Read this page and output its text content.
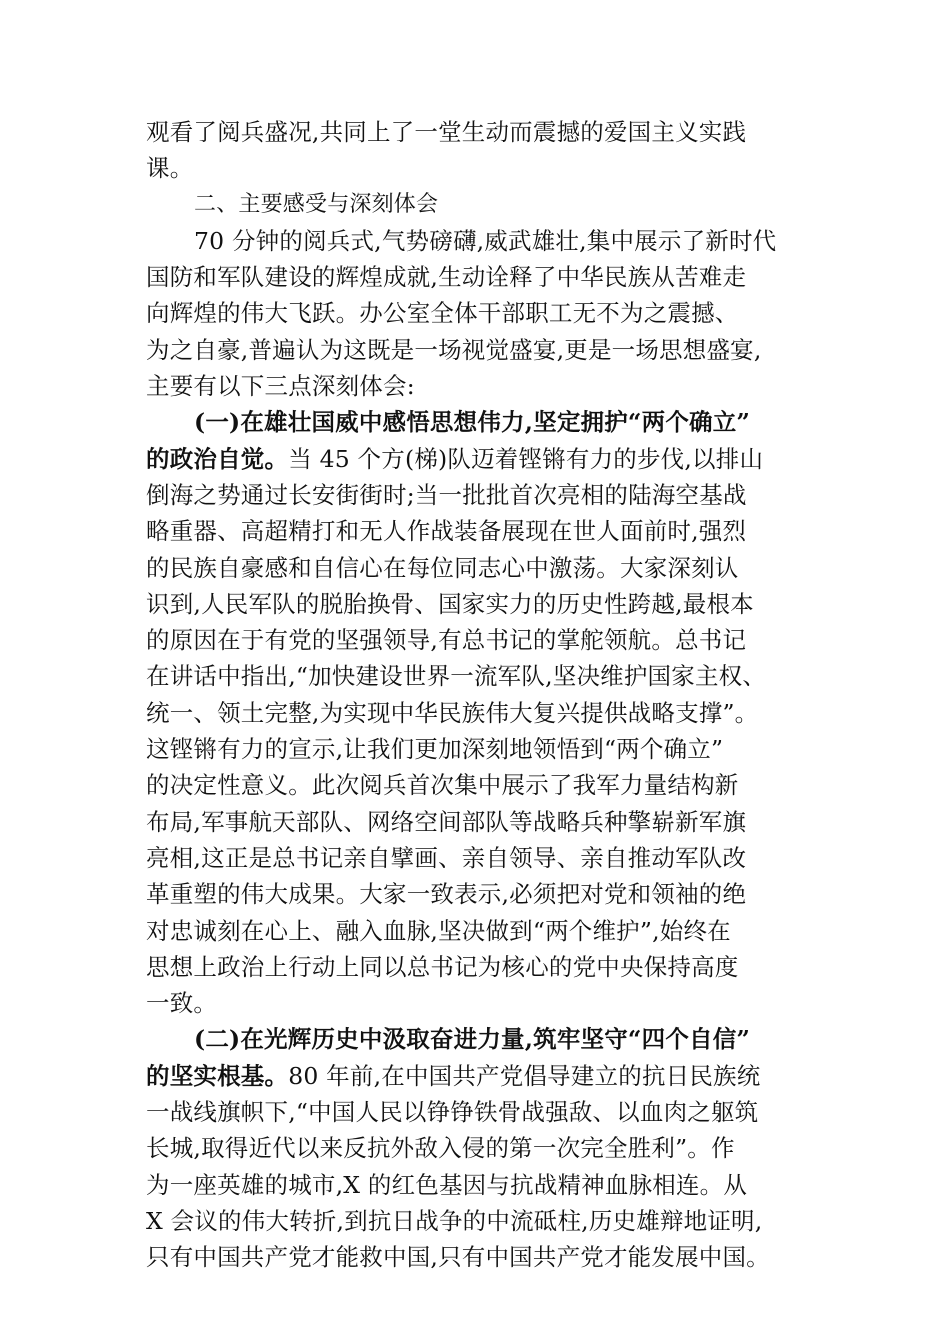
观看了阅兵盛况,共同上了一堂生动而震撼的爱国主义实践
课。
二、主要感受与深刻体会
70 分钟的阅兵式,气势磅礴,威武雄壮,集中展示了新时代
国防和军队建设的辉煌成就,生动诠释了中华民族从苦难走
向辉煌的伟大飞跃。办公室全体干部职工无不为之震撼、
为之自豪,普遍认为这既是一场视觉盛宴,更是一场思想盛宴,
主要有以下三点深刻体会:
(一)在雄壮国威中感悟思想伟力,坚定拥护“两个确立”
的政治自觉。当 45 个方(梯)队迈着铿锵有力的步伐,以排山
倒海之势通过长安街街时;当一批批首次亮相的陆海空基战
略重器、高超精打和无人作战装备展现在世人面前时,强烈
的民族自豪感和自信心在每位同志心中激荡。大家深刻认
识到,人民军队的脱胎换骨、国家实力的历史性跨越,最根本
的原因在于有党的坚强领导,有总书记的掌舵领航。总书记
在讲话中指出,“加快建设世界一流军队,坚决维护国家主权、
统一、领土完整,为实现中华民族伟大复兴提供战略支撑”。
这铿锵有力的宣示,让我们更加深刻地领悟到“两个确立”
的决定性意义。此次阅兵首次集中展示了我军力量结构新
布局,军事航天部队、网络空间部队等战略兵种擎崭新军旗
亮相,这正是总书记亲自擘画、亲自领导、亲自推动军队改
革重塑的伟大成果。大家一致表示,必须把对党和领袖的绝
对忠诚刻在心上、融入血脉,坚决做到“两个维护”,始终在
思想上政治上行动上同以总书记为核心的党中央保持高度
一致。
(二)在光辉历史中汲取奋进力量,筑牢坚守“四个自信”
的坚实根基。80 年前,在中国共产党倡导建立的抗日民族统
一战线旗帜下,“中国人民以铮铮铁骨战强敌、以血肉之躯筑
长城,取得近代以来反抗外敌入侵的第一次完全胜利”。作
为一座英雄的城市,X 的红色基因与抗战精神血脉相连。从
X 会议的伟大转折,到抗日战争的中流砥柱,历史雄辩地证明,
只有中国共产党才能救中国,只有中国共产党才能发展中国。
